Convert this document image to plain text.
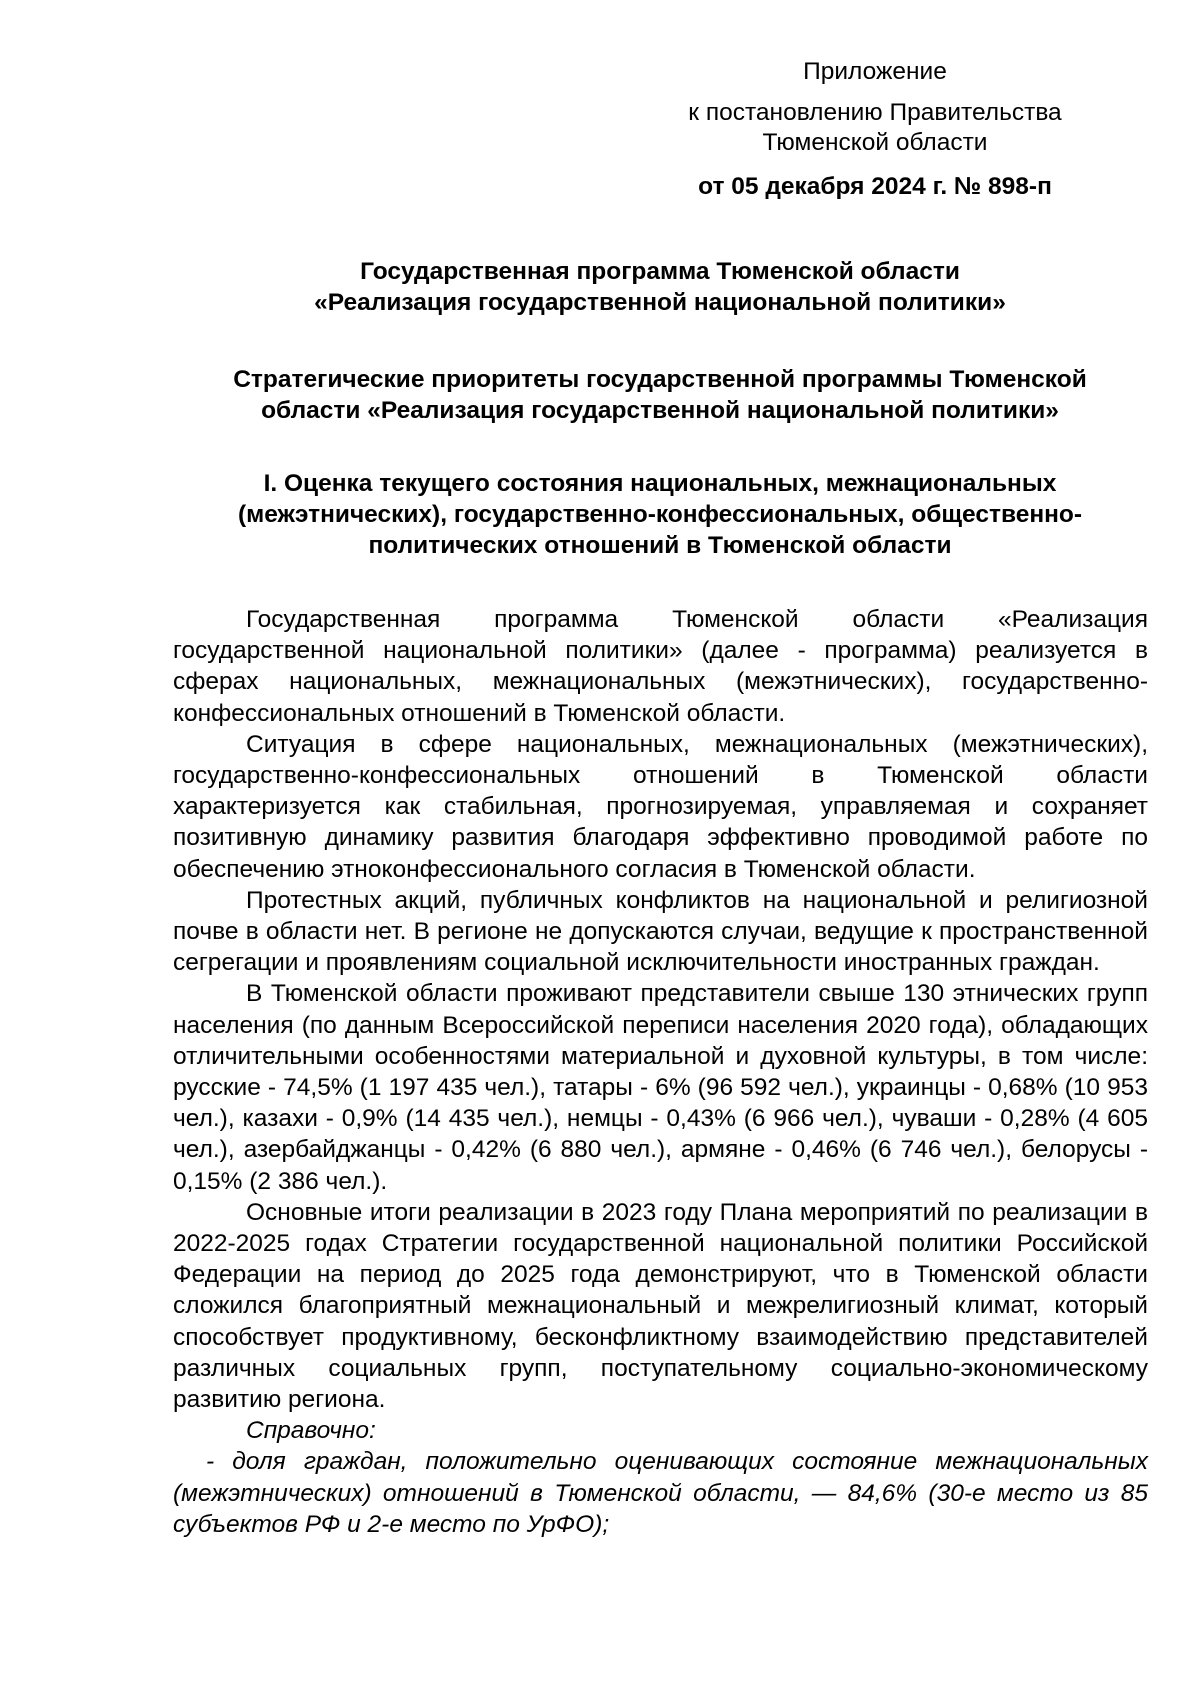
Приложение
к постановлению Правительства
Тюменской области
от 05 декабря 2024 г. № 898-п
Государственная программа Тюменской области
«Реализация государственной национальной политики»
Стратегические приоритеты государственной программы Тюменской
области «Реализация государственной национальной политики»
I. Оценка текущего состояния национальных, межнациональных
(межэтнических), государственно-конфессиональных, общественно-
политических отношений в Тюменской области

Государственная программа Тюменской области «Реализация государственной национальной политики» (далее - программа) реализуется в сферах национальных, межнациональных (межэтнических), государственно-конфессиональных отношений в Тюменской области.

Ситуация в сфере национальных, межнациональных (межэтнических), государственно-конфессиональных отношений в Тюменской области характеризуется как стабильная, прогнозируемая, управляемая и сохраняет позитивную динамику развития благодаря эффективно проводимой работе по обеспечению этноконфессионального согласия в Тюменской области.

Протестных акций, публичных конфликтов на национальной и религиозной почве в области нет. В регионе не допускаются случаи, ведущие к пространственной сегрегации и проявлениям социальной исключительности иностранных граждан.

В Тюменской области проживают представители свыше 130 этнических групп населения (по данным Всероссийской переписи населения 2020 года), обладающих отличительными особенностями материальной и духовной культуры, в том числе: русские - 74,5% (1 197 435 чел.), татары - 6% (96 592 чел.), украинцы - 0,68% (10 953 чел.), казахи - 0,9% (14 435 чел.), немцы - 0,43% (6 966 чел.), чуваши - 0,28% (4 605 чел.), азербайджанцы - 0,42% (6 880 чел.), армяне - 0,46% (6 746 чел.), белорусы - 0,15% (2 386 чел.).

Основные итоги реализации в 2023 году Плана мероприятий по реализации в 2022-2025 годах Стратегии государственной национальной политики Российской Федерации на период до 2025 года демонстрируют, что в Тюменской области сложился благоприятный межнациональный и межрелигиозный климат, который способствует продуктивному, бесконфликтному взаимодействию представителей различных социальных групп, поступательному социально-экономическому развитию региона.

Справочно:

- доля граждан, положительно оценивающих состояние межнациональных (межэтнических) отношений в Тюменской области, — 84,6% (30-е место из 85 субъектов РФ и 2-е место по УрФО);
